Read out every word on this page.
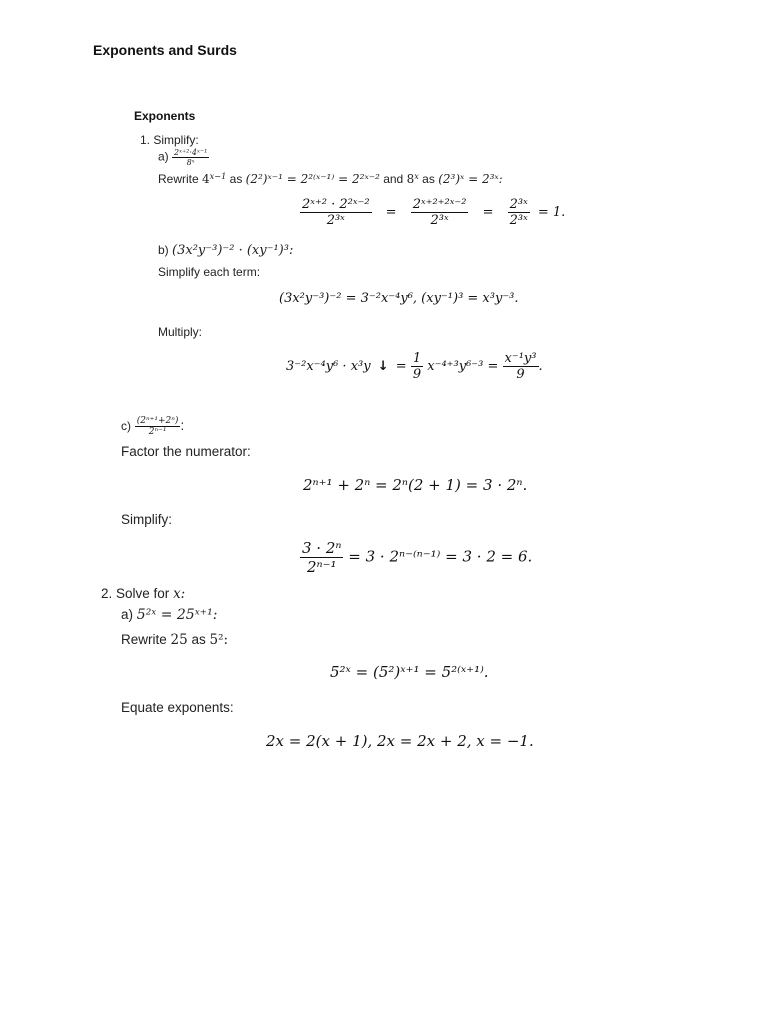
Exponents and Surds
Exponents
1. Simplify:
$a) \frac{\text{2ˣ⁺²·4ˣ⁻¹}}{\text{8ˣ}}$
Rewrite $4^{x-1}$ as (2²)ˣ⁻¹ = 2²⁽ˣ⁻¹⁾ = 2²ˣ⁻² and 8$^x$ as (2³)ˣ = 2³ˣ:
$\frac{\text{2ˣ⁺² · 2²ˣ⁻²}}{\text{2³ˣ}} = \frac{\text{2ˣ⁺²⁺²ˣ⁻²}}{\text{2³ˣ}} = \frac{\text{2³ˣ}}{\text{2³ˣ}} = 1$.
b) (3x²y⁻³)⁻² · (xy⁻¹)³:
Simplify each term:
(3x²y⁻³)⁻² = 3⁻²x⁻⁴y⁶, (xy⁻¹)³ = x³y⁻³.
Multiply:
3⁻²x⁻⁴y⁶ · x³y ↓ = $\frac{1}{9} x^{-4+3}y^{6-3} = \frac{\text{x⁻¹y³}}{9}$ .
$c) \frac{\text{(2ⁿ⁺¹+2ⁿ)}}{\text{2ⁿ⁻¹}}$ :
Factor the numerator:
2ⁿ⁺¹ + 2ⁿ = 2ⁿ(2 + 1) = 3 · 2ⁿ.
Simplify:
$\frac{\text{3 · 2ⁿ}}{\text{2ⁿ⁻¹}} = 3 \cdot 2^{n-(n-1)} = 3 \cdot 2 = 6$.
2. Solve for x:
a) 5²ˣ = 25ˣ⁺¹:
Rewrite 25 as 5²:
5²ˣ = (5²)ˣ⁺¹ = 5²⁽ˣ⁺¹⁾.
Equate exponents:
2x = 2(x + 1), 2x = 2x + 2, x = −1.
